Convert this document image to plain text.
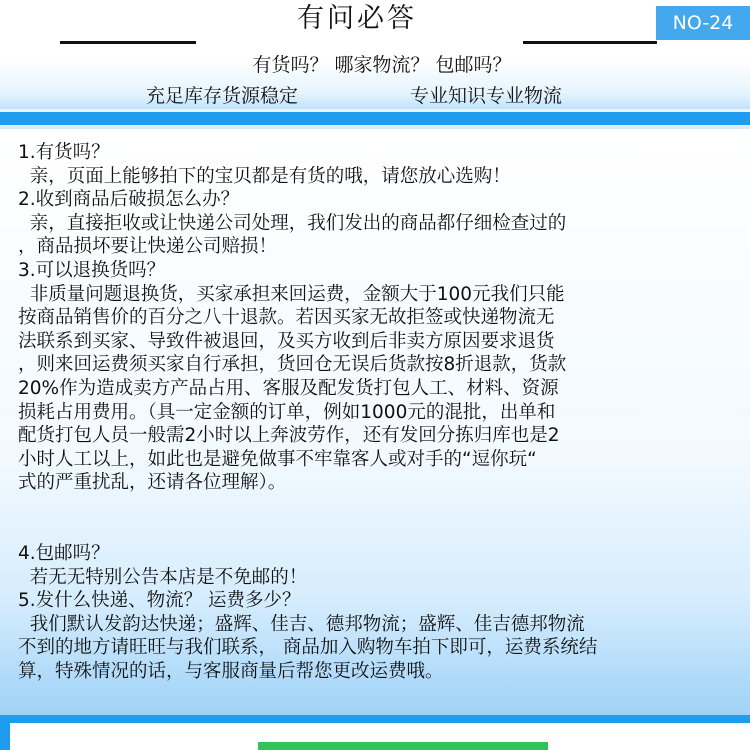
有问必答	NO-24
有货吗？ 哪家物流？ 包邮吗？
充足库存货源稳定	专业知识专业物流
1.有货吗？
亲，页面上能够拍下的宝贝都是有货的哦，请您放心选购！
2.收到商品后破损怎么办？
亲，直接拒收或让快递公司处理，我们发出的商品都仔细检查过的
，商品损坏要让快递公司赔损！
3.可以退换货吗？
非质量问题退换货，买家承担来回运费，金额大于100元我们只能
按商品销售价的百分之八十退款。若因买家无故拒签或快递物流无
法联系到买家、导致件被退回，及买方收到后非卖方原因要求退货
，则来回运费须买家自行承担，货回仓无误后货款按8折退款，货款
20%作为造成卖方产品占用、客服及配发货打包人工、材料、资源
损耗占用费用。（具一定金额的订单，例如1000元的混批，出单和
配货打包人员一般需2小时以上奔波劳作，还有发回分拣归库也是2
小时人工以上，如此也是避免做事不牢靠客人或对手的“逗你玩“
式的严重扰乱，还请各位理解）。
4.包邮吗？
若无无特别公告本店是不免邮的！
5.发什么快递、物流？ 运费多少？
我们默认发韵达快递；盛辉、佳吉、德邦物流；盛辉、佳吉德邦物流
不到的地方请旺旺与我们联系， 商品加入购物车拍下即可，运费系统结
算，特殊情况的话，与客服商量后帮您更改运费哦。
